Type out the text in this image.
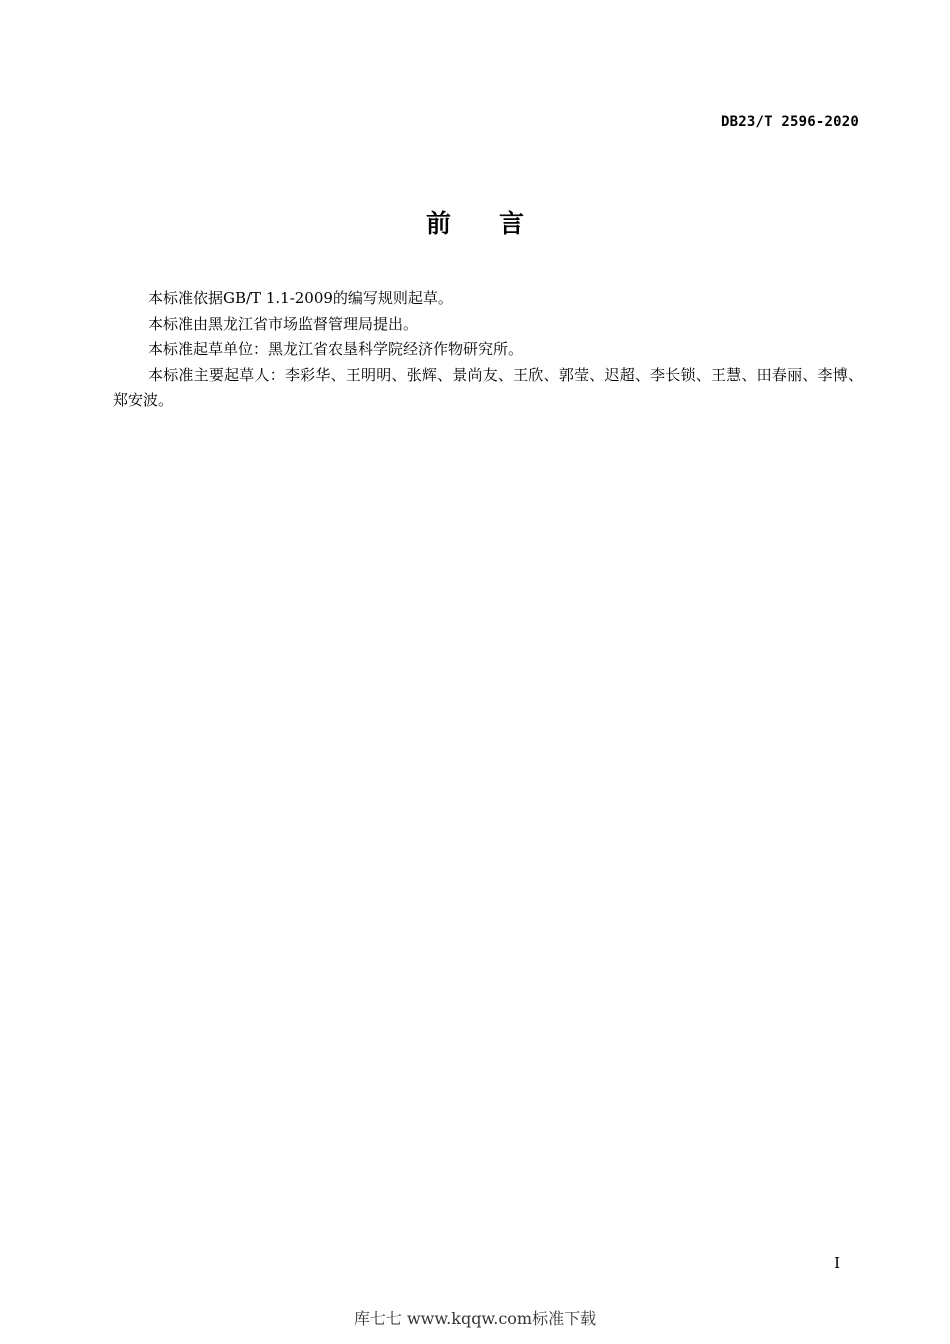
DB23/T 2596-2020
前 言

本标准依据GB/T 1.1-2009的编写规则起草。

本标准由黑龙江省市场监督管理局提出。

本标准起草单位：黑龙江省农垦科学院经济作物研究所。

本标准主要起草人：李彩华、王明明、张辉、景尚友、王欣、郭莹、迟超、李长锁、王慧、田春丽、李博、郑安波。

I
库七七 www.kqqw.com标准下载
